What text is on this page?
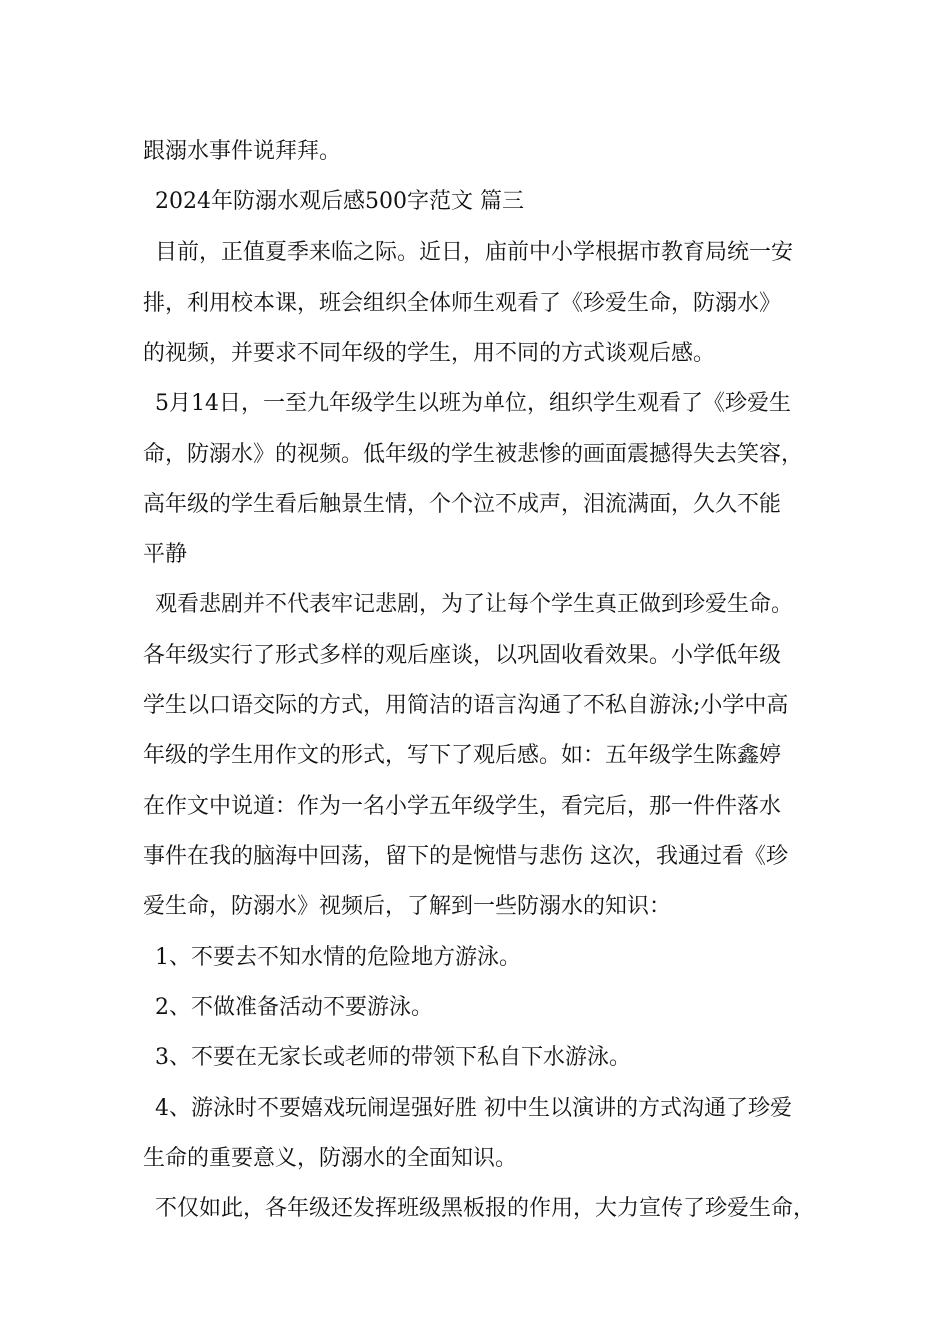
跟溺水事件说拜拜。
2024年防溺水观后感500字范文 篇三
目前，正值夏季来临之际。近日，庙前中小学根据市教育局统一安
排，利用校本课，班会组织全体师生观看了《珍爱生命，防溺水》
的视频，并要求不同年级的学生，用不同的方式谈观后感。
5月14日，一至九年级学生以班为单位，组织学生观看了《珍爱生
命，防溺水》的视频。低年级的学生被悲惨的画面震撼得失去笑容，
高年级的学生看后触景生情，个个泣不成声，泪流满面，久久不能
平静
观看悲剧并不代表牢记悲剧，为了让每个学生真正做到珍爱生命。
各年级实行了形式多样的观后座谈，以巩固收看效果。小学低年级
学生以口语交际的方式，用简洁的语言沟通了不私自游泳;小学中高
年级的学生用作文的形式，写下了观后感。如：五年级学生陈鑫婷
在作文中说道：作为一名小学五年级学生，看完后，那一件件落水
事件在我的脑海中回荡，留下的是惋惜与悲伤 这次，我通过看《珍
爱生命，防溺水》视频后，了解到一些防溺水的知识：
1、不要去不知水情的危险地方游泳。
2、不做准备活动不要游泳。
3、不要在无家长或老师的带领下私自下水游泳。
4、游泳时不要嬉戏玩闹逞强好胜 初中生以演讲的方式沟通了珍爱
生命的重要意义，防溺水的全面知识。
不仅如此，各年级还发挥班级黑板报的作用，大力宣传了珍爱生命，
